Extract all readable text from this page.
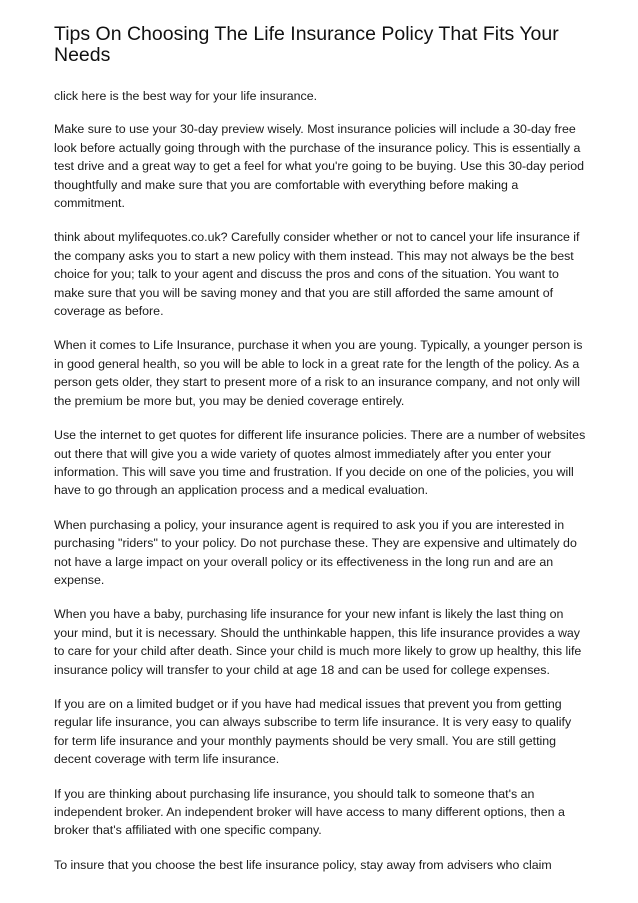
Tips On Choosing The Life Insurance Policy That Fits Your Needs

click here is the best way for your life insurance.

Make sure to use your 30-day preview wisely. Most insurance policies will include a 30-day free look before actually going through with the purchase of the insurance policy. This is essentially a test drive and a great way to get a feel for what you're going to be buying. Use this 30-day period thoughtfully and make sure that you are comfortable with everything before making a commitment.

think about mylifequotes.co.uk? Carefully consider whether or not to cancel your life insurance if the company asks you to start a new policy with them instead. This may not always be the best choice for you; talk to your agent and discuss the pros and cons of the situation. You want to make sure that you will be saving money and that you are still afforded the same amount of coverage as before.

When it comes to Life Insurance, purchase it when you are young. Typically, a younger person is in good general health, so you will be able to lock in a great rate for the length of the policy. As a person gets older, they start to present more of a risk to an insurance company, and not only will the premium be more but, you may be denied coverage entirely.

Use the internet to get quotes for different life insurance policies. There are a number of websites out there that will give you a wide variety of quotes almost immediately after you enter your information. This will save you time and frustration. If you decide on one of the policies, you will have to go through an application process and a medical evaluation.

When purchasing a policy, your insurance agent is required to ask you if you are interested in purchasing "riders" to your policy. Do not purchase these. They are expensive and ultimately do not have a large impact on your overall policy or its effectiveness in the long run and are an expense.

When you have a baby, purchasing life insurance for your new infant is likely the last thing on your mind, but it is necessary. Should the unthinkable happen, this life insurance provides a way to care for your child after death. Since your child is much more likely to grow up healthy, this life insurance policy will transfer to your child at age 18 and can be used for college expenses.

If you are on a limited budget or if you have had medical issues that prevent you from getting regular life insurance, you can always subscribe to term life insurance. It is very easy to qualify for term life insurance and your monthly payments should be very small. You are still getting decent coverage with term life insurance.

If you are thinking about purchasing life insurance, you should talk to someone that's an independent broker. An independent broker will have access to many different options, then a broker that's affiliated with one specific company.

To insure that you choose the best life insurance policy, stay away from advisers who claim
